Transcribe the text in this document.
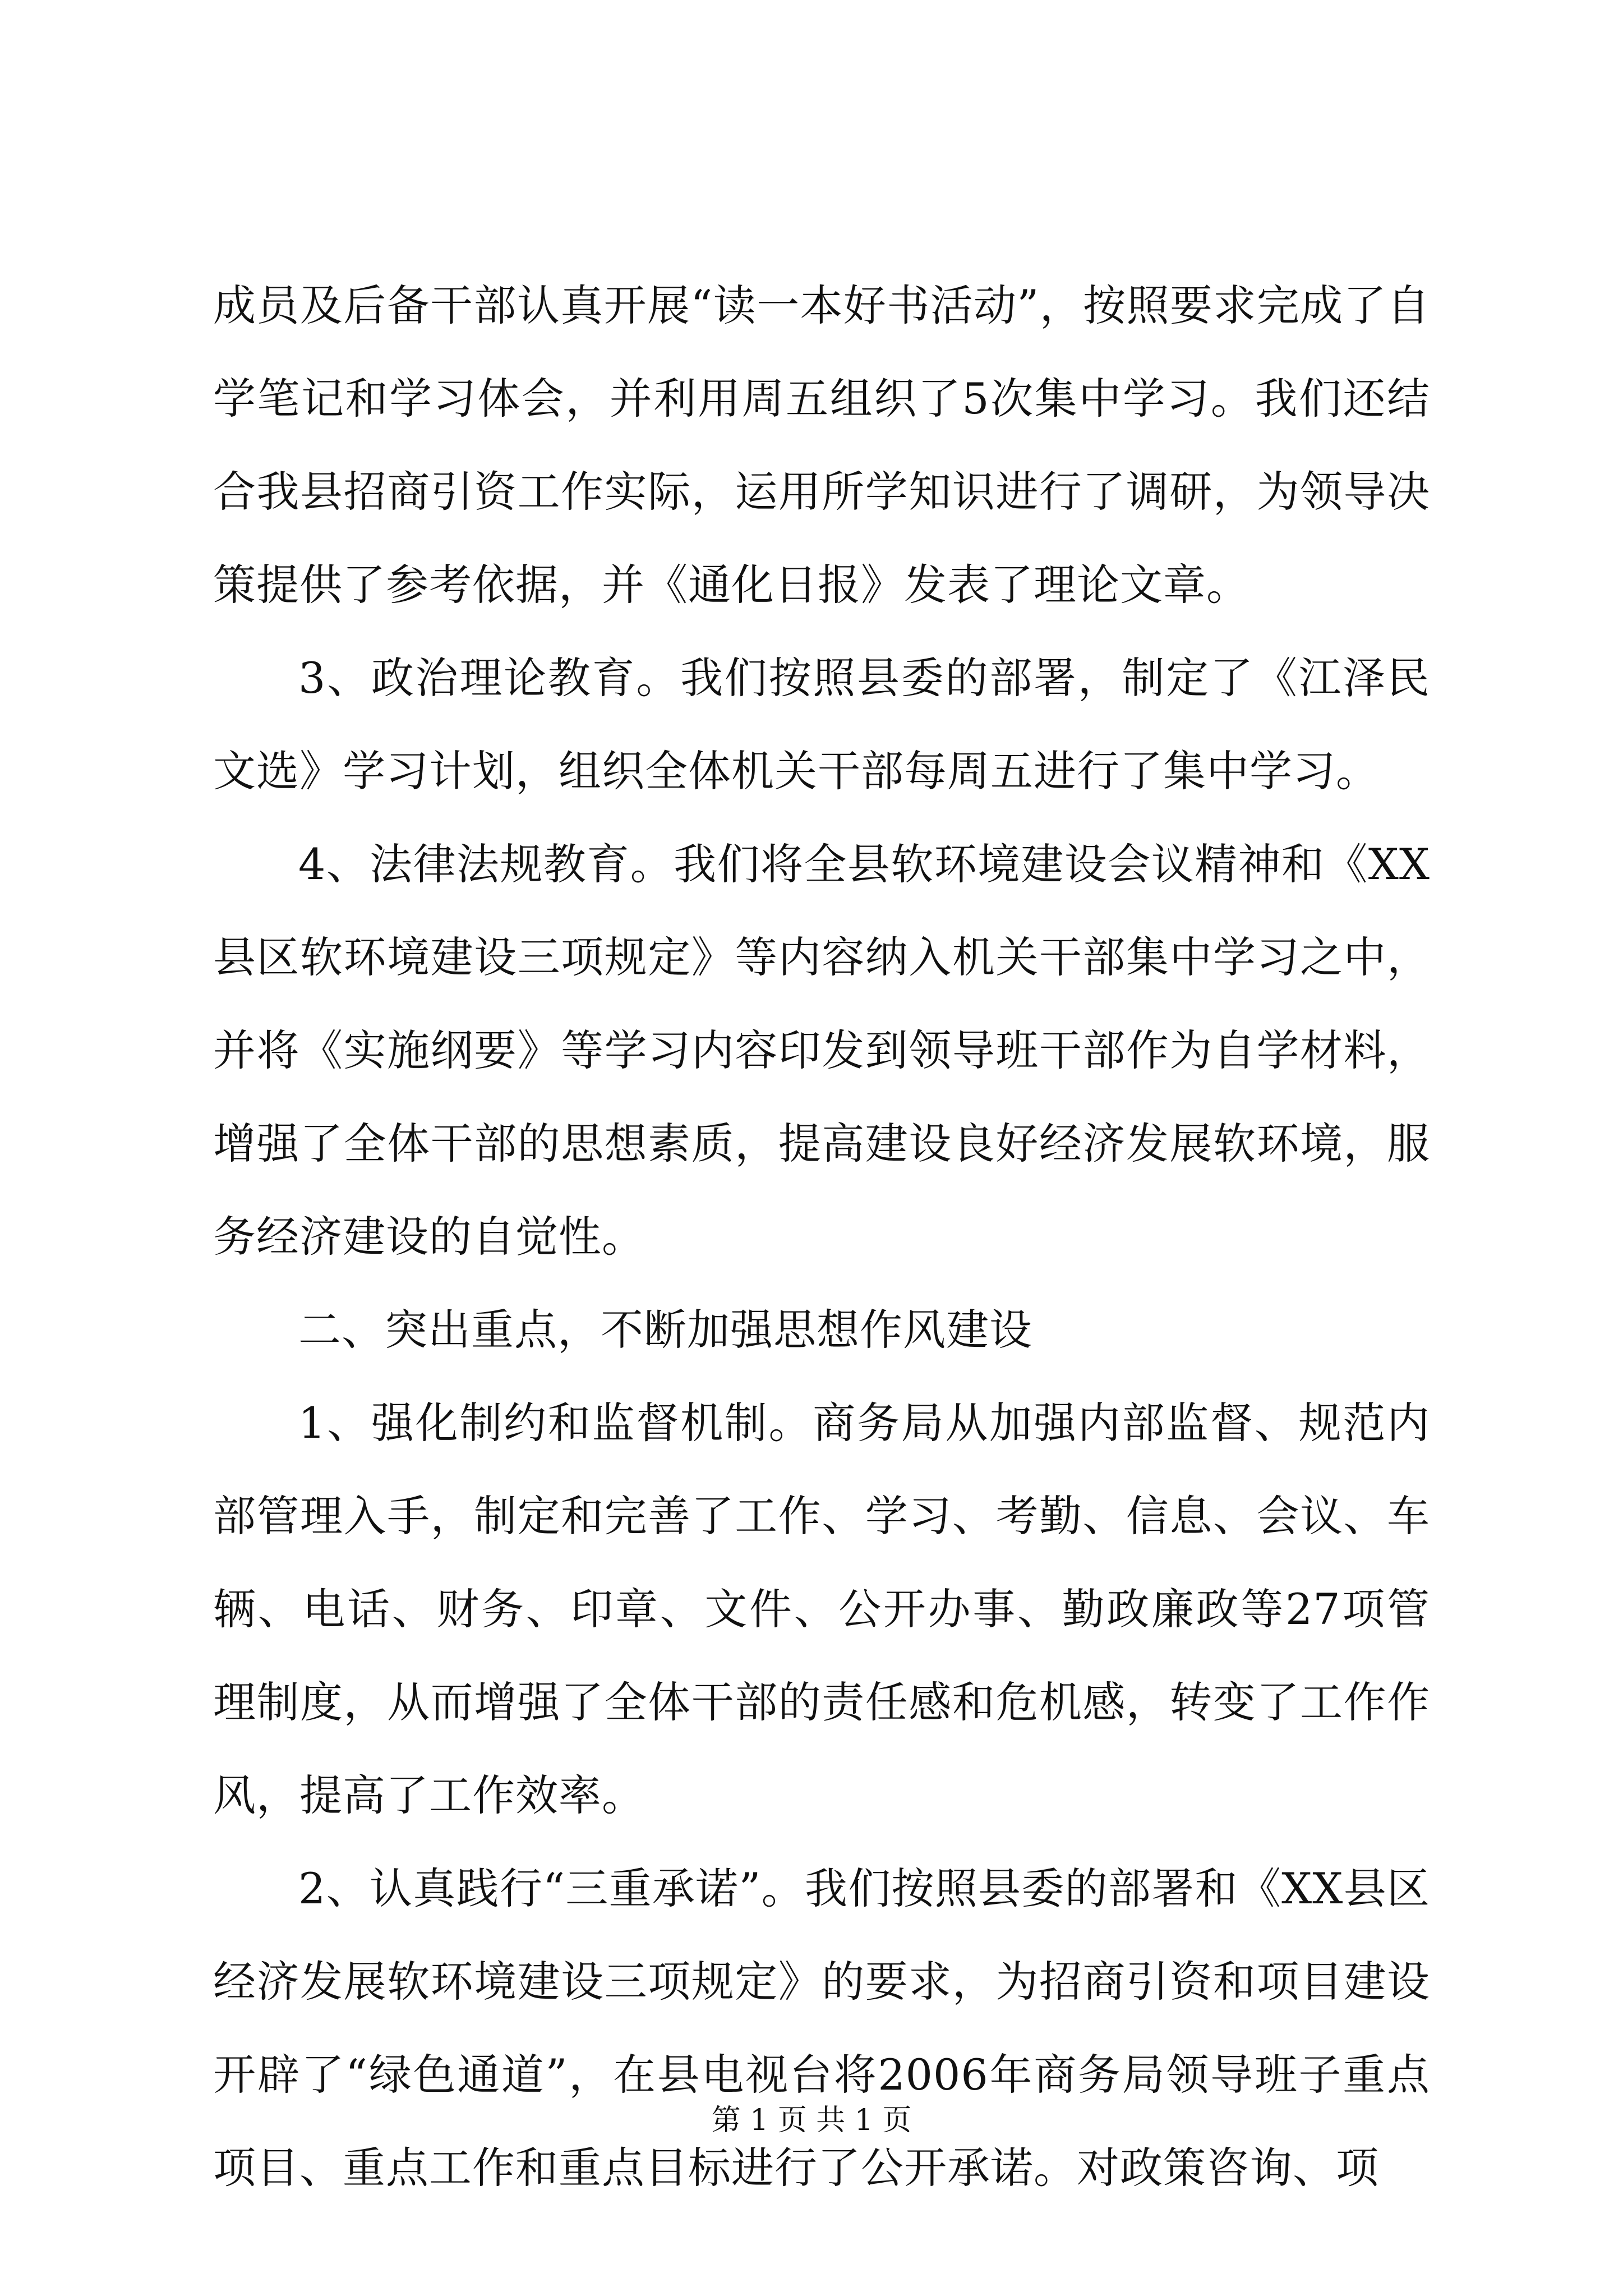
成员及后备干部认真开展“读一本好书活动”，按照要求完成了自学笔记和学习体会，并利用周五组织了5次集中学习。我们还结合我县招商引资工作实际，运用所学知识进行了调研，为领导决策提供了参考依据，并《通化日报》发表了理论文章。

3、政治理论教育。我们按照县委的部署，制定了《江泽民文选》学习计划，组织全体机关干部每周五进行了集中学习。

4、法律法规教育。我们将全县软环境建设会议精神和《XX县区软环境建设三项规定》等内容纳入机关干部集中学习之中，并将《实施纲要》等学习内容印发到领导班干部作为自学材料，增强了全体干部的思想素质，提高建设良好经济发展软环境，服务经济建设的自觉性。

二、突出重点，不断加强思想作风建设

1、强化制约和监督机制。商务局从加强内部监督、规范内部管理入手，制定和完善了工作、学习、考勤、信息、会议、车辆、电话、财务、印章、文件、公开办事、勤政廉政等27项管理制度，从而增强了全体干部的责任感和危机感，转变了工作作风，提高了工作效率。

2、认真践行“三重承诺”。我们按照县委的部署和《XX县区经济发展软环境建设三项规定》的要求，为招商引资和项目建设开辟了“绿色通道”，在县电视台将2006年商务局领导班子重点项目、重点工作和重点目标进行了公开承诺。对政策咨询、项

第 1 页 共 1 页
